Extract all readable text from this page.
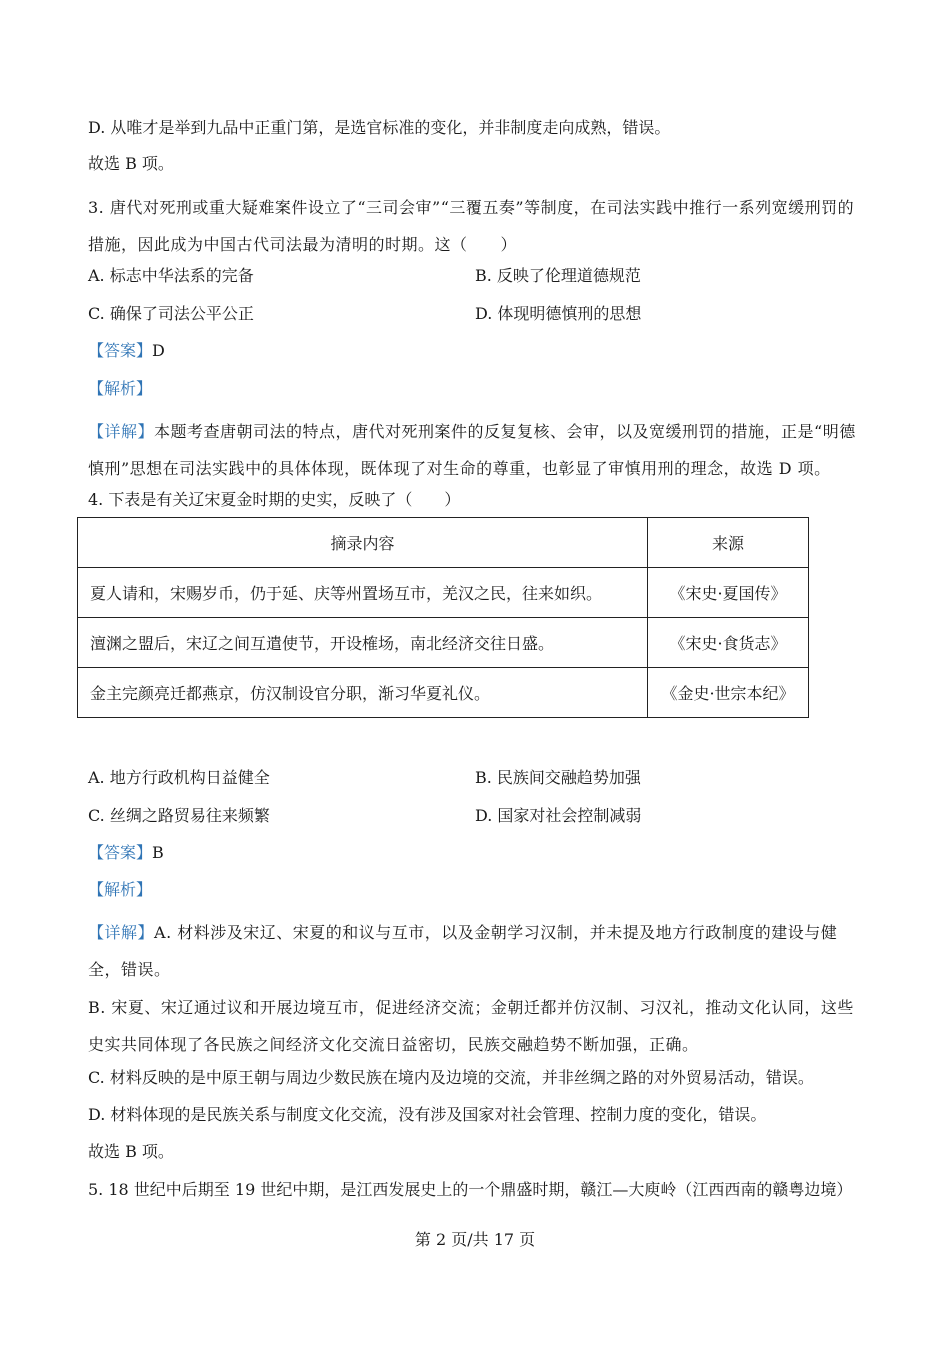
D. 从唯才是举到九品中正重门第，是选官标准的变化，并非制度走向成熟，错误。
故选 B 项。
3. 唐代对死刑或重大疑难案件设立了“三司会审”“三覆五奏”等制度，在司法实践中推行一系列宽缓刑罚的措施，因此成为中国古代司法最为清明的时期。这（　　）
A. 标志中华法系的完备	B. 反映了伦理道德规范
C. 确保了司法公平公正	D. 体现明德慎刑的思想
【答案】D
【解析】
【详解】本题考查唐朝司法的特点，唐代对死刑案件的反复复核、会审，以及宽缓刑罚的措施，正是“明德慎刑”思想在司法实践中的具体体现，既体现了对生命的尊重，也彰显了审慎用刑的理念，故选 D 项。
4. 下表是有关辽宋夏金时期的史实，反映了（　　）
摘录内容	来源
夏人请和，宋赐岁币，仍于延、庆等州置场互市，羌汉之民，往来如织。	《宋史·夏国传》
澶渊之盟后，宋辽之间互遣使节，开设榷场，南北经济交往日盛。	《宋史·食货志》
金主完颜亮迁都燕京，仿汉制设官分职，渐习华夏礼仪。	《金史·世宗本纪》
A. 地方行政机构日益健全	B. 民族间交融趋势加强
C. 丝绸之路贸易往来频繁	D. 国家对社会控制减弱
【答案】B
【解析】
【详解】A. 材料涉及宋辽、宋夏的和议与互市，以及金朝学习汉制，并未提及地方行政制度的建设与健全，错误。
B. 宋夏、宋辽通过议和开展边境互市，促进经济交流；金朝迁都并仿汉制、习汉礼，推动文化认同，这些史实共同体现了各民族之间经济文化交流日益密切，民族交融趋势不断加强，正确。
C. 材料反映的是中原王朝与周边少数民族在境内及边境的交流，并非丝绸之路的对外贸易活动，错误。
D. 材料体现的是民族关系与制度文化交流，没有涉及国家对社会管理、控制力度的变化，错误。
故选 B 项。
5. 18 世纪中后期至 19 世纪中期，是江西发展史上的一个鼎盛时期，赣江—大庾岭（江西西南的赣粤边境）
第 2 页/共 17 页
